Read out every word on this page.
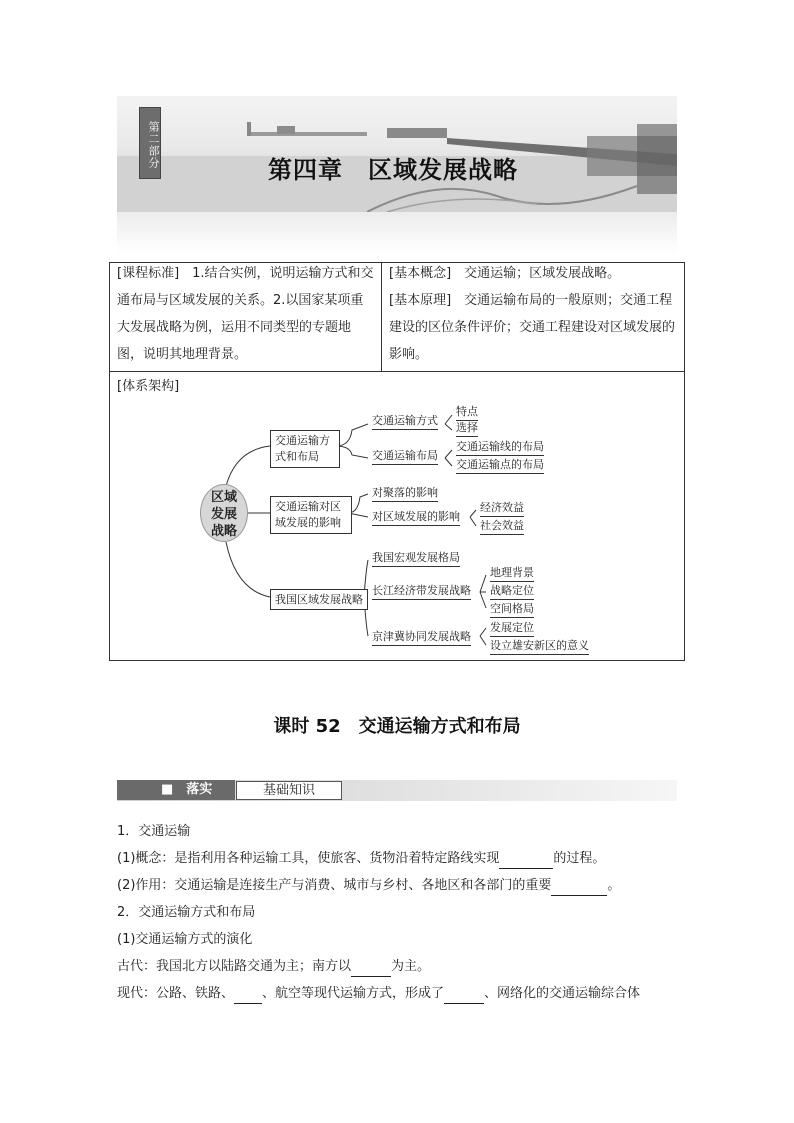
第二部分
第四章　区域发展战略
[课程标准]　1.结合实例，说明运输方式和交通布局与区域发展的关系。2.以国家某项重大发展战略为例，运用不同类型的专题地图，说明其地理背景。
[基本概念]　交通运输；区域发展战略。
[基本原理]　交通运输布局的一般原则；交通工程建设的区位条件评价；交通工程建设对区域发展的影响。
[体系架构]
区域发展战略
交通运输方式和布局
交通运输方式
特点
选择
交通运输布局
交通运输线的布局
交通运输点的布局
交通运输对区域发展的影响
对聚落的影响
对区域发展的影响
经济效益
社会效益
我国区域发展战略
我国宏观发展格局
长江经济带发展战略
地理背景
战略定位
空间格局
京津冀协同发展战略
发展定位
设立雄安新区的意义
课时 52　交通运输方式和布局
■　落实	基础知识
1．交通运输
(1)概念：是指利用各种运输工具，使旅客、货物沿着特定路线实现	的过程。
(2)作用：交通运输是连接生产与消费、城市与乡村、各地区和各部门的重要	。
2．交通运输方式和布局
(1)交通运输方式的演化
古代：我国北方以陆路交通为主；南方以	为主。
现代：公路、铁路、 、航空等现代运输方式，形成了	、网络化的交通运输综合体
